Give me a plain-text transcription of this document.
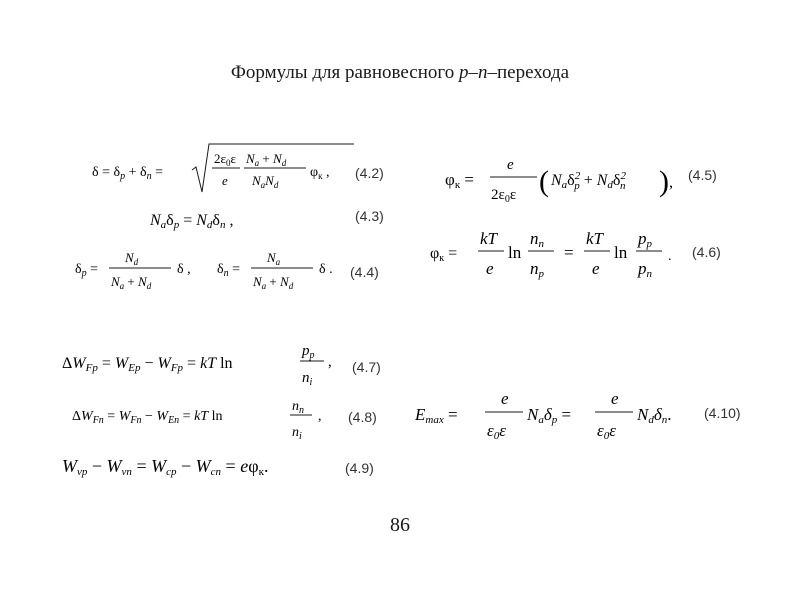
Формулы для равновесного p–n–перехода
$\delta = \delta_p + \delta_n$ =
$2\varepsilon_0\varepsilon$
e
$N_a + N_d$
$N_aN_d$
$\varphi_к$ , (4.2)
Naδp = Ndδn ,	(4.3)
$\delta_p$ =
$N_d$
$N_a + N_d$
δ , $\delta_n$ =
$N_a$
$N_a + N_d$
δ . (4.4)
φк =
e
$2\varepsilon_0\varepsilon$ ( Naδ$^2$ p + Ndδ$^2$ n ) , (4.5)
φк =
kT
e
ln
nn
np
=
kT
e
ln
pp
pn
. (4.6)
ΔWFp = WEp − WFp = kT ln
$p_p$
$n_i$
, (4.7)
$\Delta W_{Fn} = W_{Fn} - W_{En}$ = kT ln
$n_n$
$n_i$
, (4.8)
Wvp − Wvn = Wcp − Wcn = eφк.	(4.9)
Emax =
e
ε0ε
Naδp =
e
ε0ε
Ndδn. (4.10)
86
